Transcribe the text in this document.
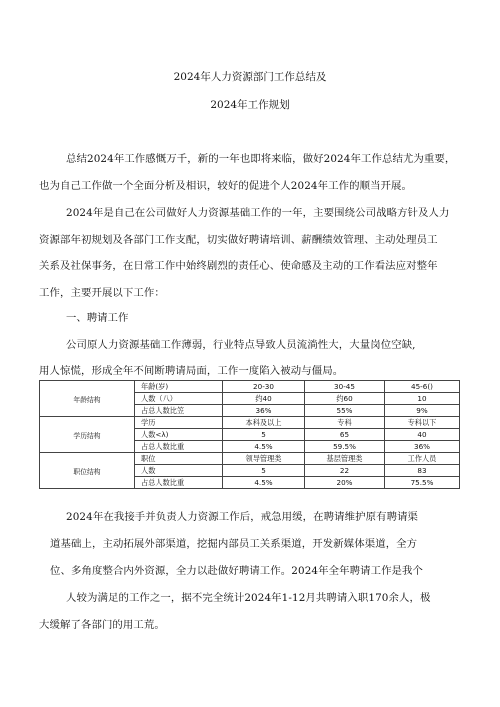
2024年人力资源部门工作总结及
2024年工作规划
总结2024年工作感慨万千，新的一年也即将来临，做好2024年工作总结尤为重要，
也为自己工作做一个全面分析及相识，较好的促进个人2024年工作的顺当开展。
2024年是自己在公司做好人力资源基础工作的一年，主要围绕公司战略方针及人力
资源部年初规划及各部门工作支配，切实做好聘请培训、薪酬绩效管理、主动处理员工
关系及社保事务，在日常工作中始终剧烈的责任心、使命感及主动的工作看法应对整年
工作，主要开展以下工作：
一、聘请工作
公司原人力资源基础工作薄弱，行业特点导致人员流淌性大，大量岗位空缺,
用人惊慌，形成全年不间断聘请局面，工作一度陷入被动与僵局。
年龄结构	年龄(岁)	20-30	30-45	45-6()
	人数（八）	约40	约60	10
	占总人数比笠	36%	55%	9%
学历结构	学历	本科及以上	专科	专科以下
	人数<λ)	5	65	40
	占总人数比重	4.5%	59.5%	36%
职位结构	职位	领导管理类	基层管理类	工作人员
	人数	5	22	83
	占总人数比重	4.5%	20%	75.5%
2024年在我接手并负责人力资源工作后，戒急用缓，在聘请维护原有聘请渠
道基础上，主动拓展外部渠道，挖掘内部员工关系渠道，开发新媒体渠道，全方
位、多角度整合内外资源，全力以赴做好聘请工作。2024年全年聘请工作是我个
人较为满足的工作之一，据不完全统计2024年1-12月共聘请入职170余人，极
大缓解了各部门的用工荒。
